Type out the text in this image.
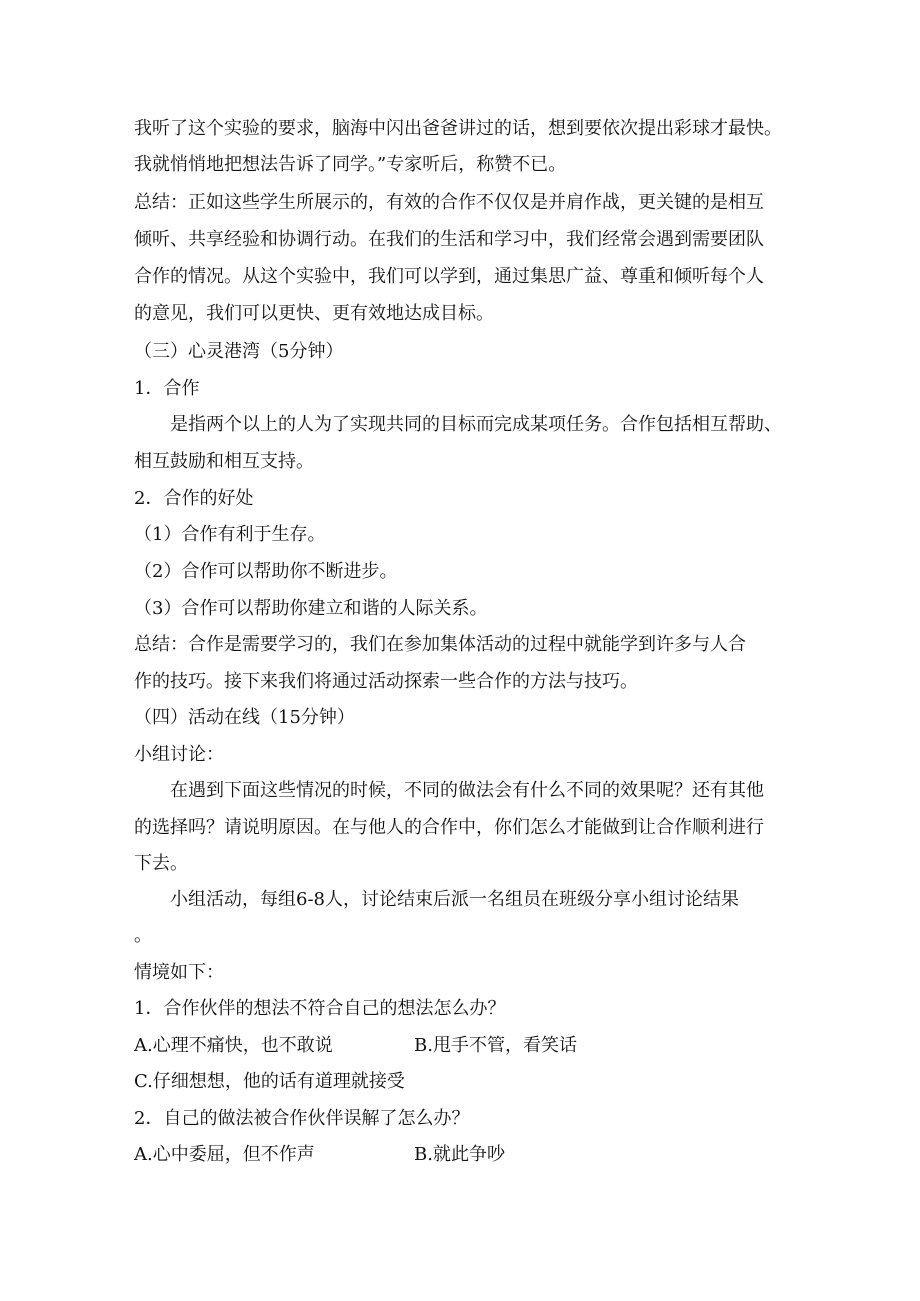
我听了这个实验的要求，脑海中闪出爸爸讲过的话，想到要依次提出彩球才最快。
我就悄悄地把想法告诉了同学。”专家听后，称赞不已。
总结：正如这些学生所展示的，有效的合作不仅仅是并肩作战，更关键的是相互
倾听、共享经验和协调行动。在我们的生活和学习中，我们经常会遇到需要团队
合作的情况。从这个实验中，我们可以学到，通过集思广益、尊重和倾听每个人
的意见，我们可以更快、更有效地达成目标。
（三）心灵港湾（5分钟）
1．合作
是指两个以上的人为了实现共同的目标而完成某项任务。合作包括相互帮助、
相互鼓励和相互支持。
2．合作的好处
（1）合作有利于生存。
（2）合作可以帮助你不断进步。
（3）合作可以帮助你建立和谐的人际关系。
总结：合作是需要学习的，我们在参加集体活动的过程中就能学到许多与人合
作的技巧。接下来我们将通过活动探索一些合作的方法与技巧。
（四）活动在线（15分钟）
小组讨论：
在遇到下面这些情况的时候，不同的做法会有什么不同的效果呢？还有其他
的选择吗？请说明原因。在与他人的合作中，你们怎么才能做到让合作顺利进行
下去。
小组活动，每组6-8人，讨论结束后派一名组员在班级分享小组讨论结果
。
情境如下：
1．合作伙伴的想法不符合自己的想法怎么办？
A.心理不痛快，也不敢说	B.甩手不管，看笑话
C.仔细想想，他的话有道理就接受
2．自己的做法被合作伙伴误解了怎么办？
A.心中委屈，但不作声	B.就此争吵
